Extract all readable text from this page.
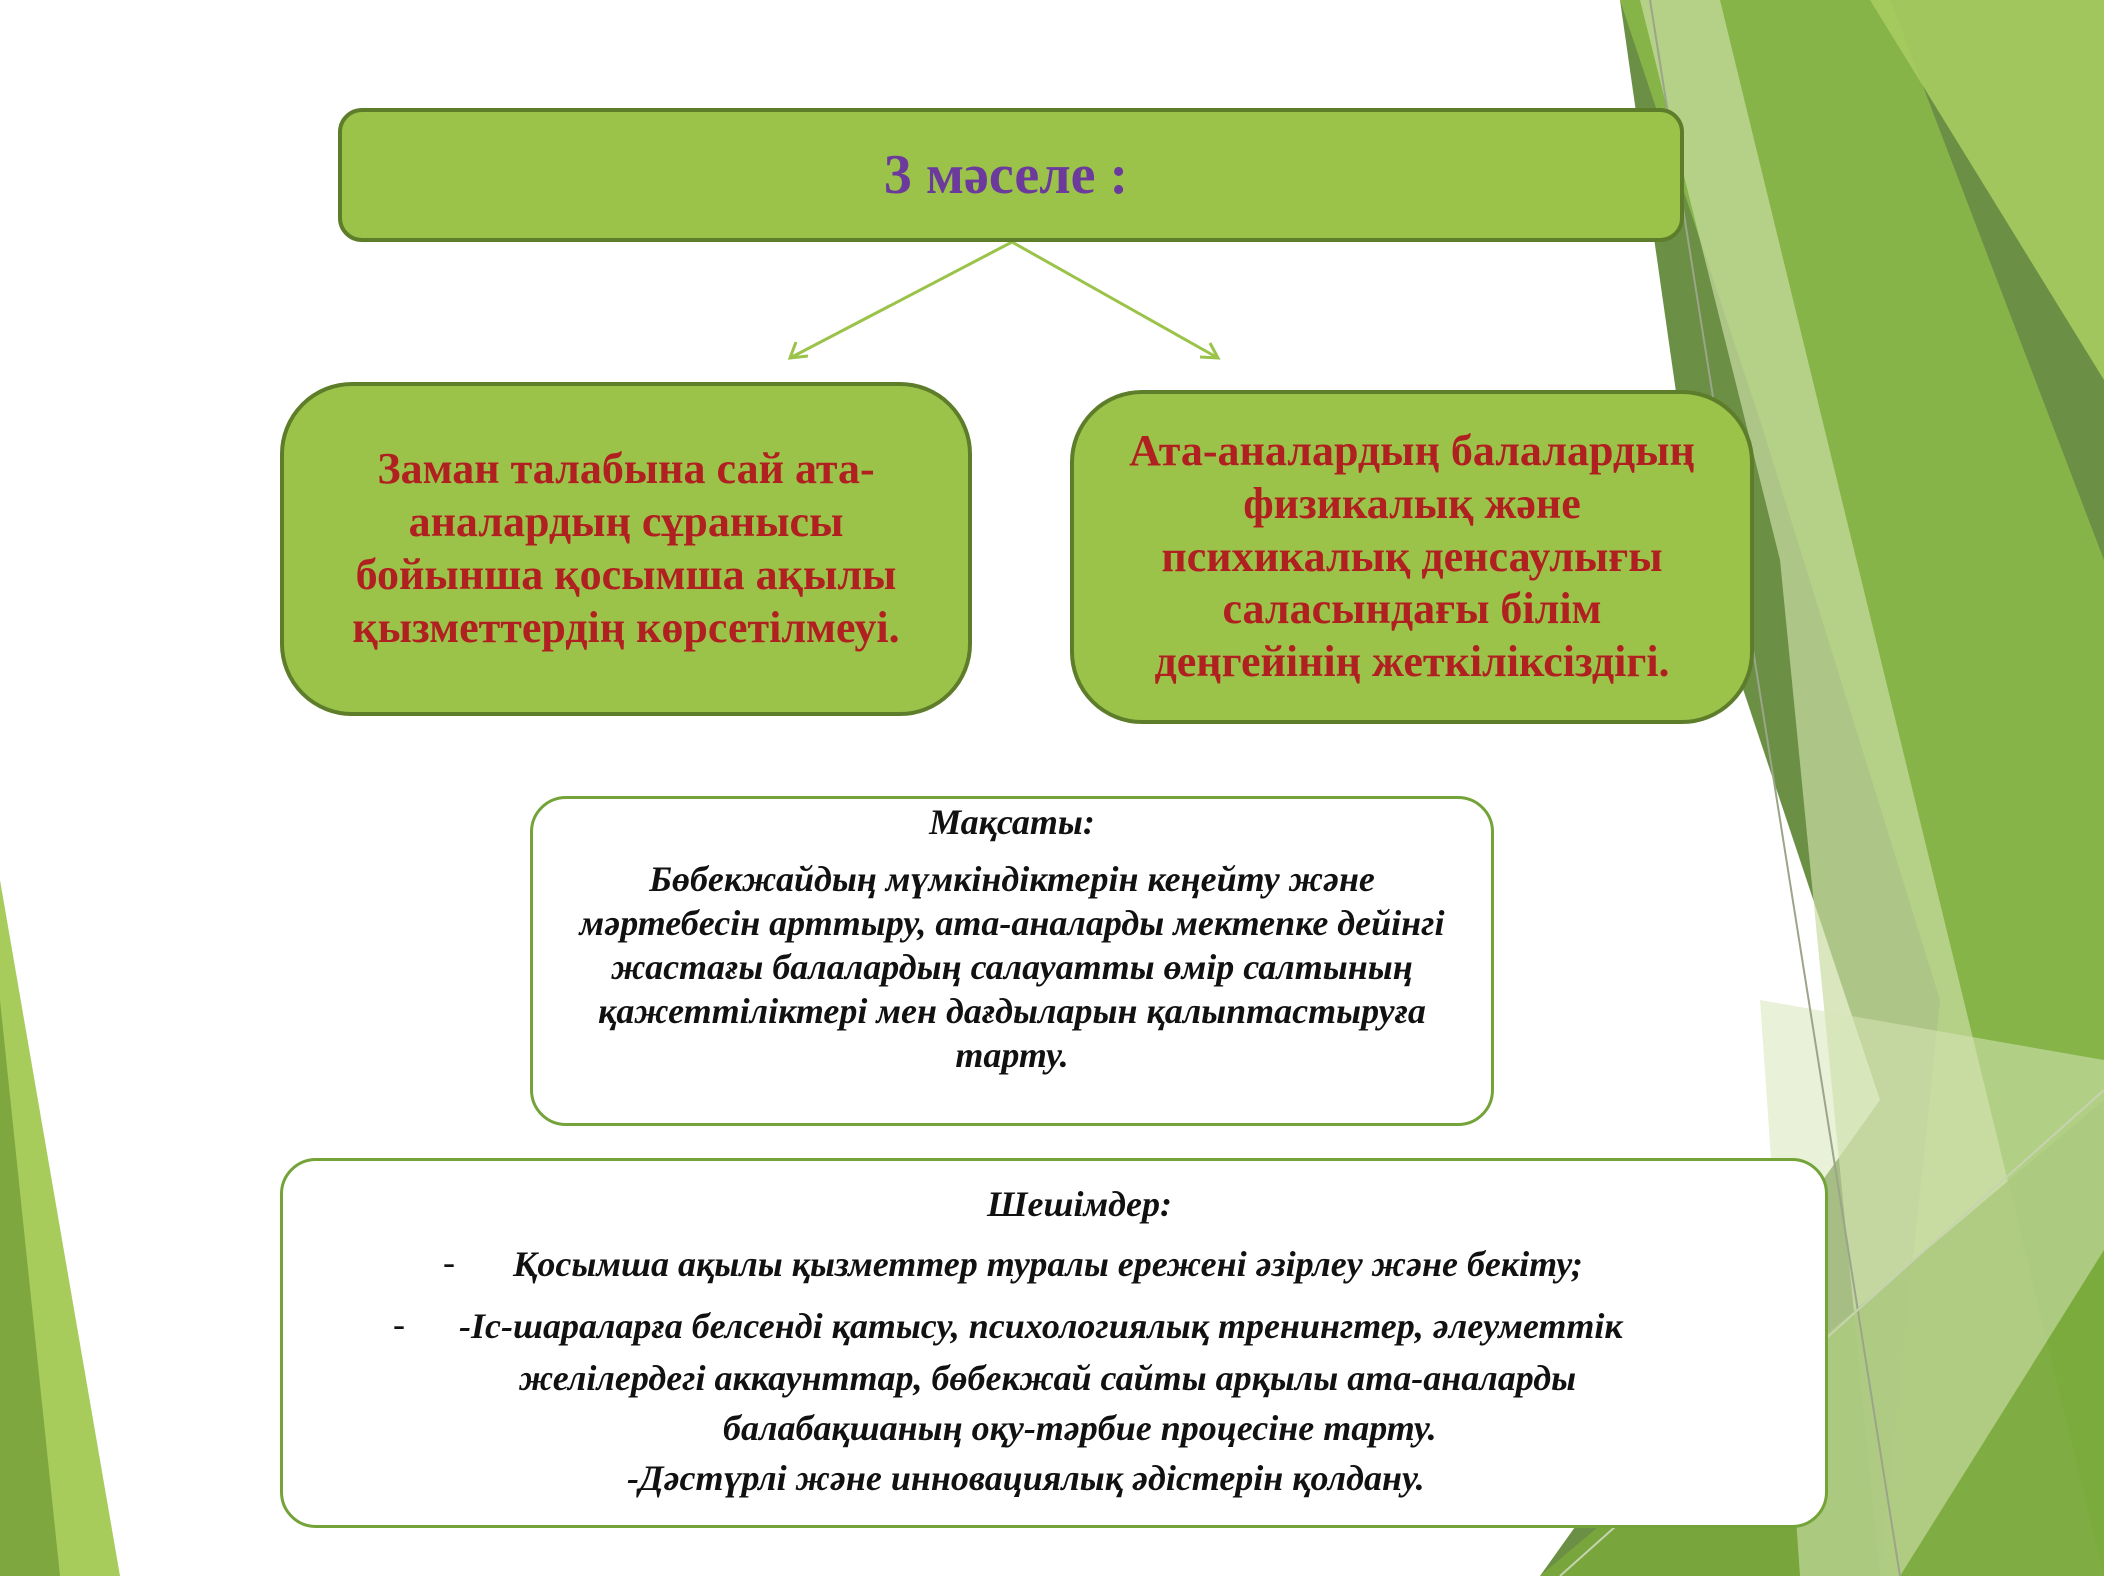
3 мәселе :
Заман талабына сай ата-аналардың сұранысы бойынша қосымша ақылы қызметтердің көрсетілмеуі.
Ата-аналардың балалардың физикалық және психикалық денсаулығы саласындағы білім деңгейінің жеткіліксіздігі.
Мақсаты:
Бөбекжайдың мүмкіндіктерін кеңейту және мәртебесін арттыру, ата-аналарды мектепке дейінгі жастағы балалардың салауатты өмір салтының қажеттіліктері мен дағдыларын қалыптастыруға тарту.
Шешімдер:
- Қосымша ақылы қызметтер туралы ережені әзірлеу және бекіту;
- -Іс-шараларға белсенді қатысу, психологиялық тренингтер, әлеуметтік
желілердегі аккаунттар, бөбекжай сайты арқылы ата-аналарды
балабақшаның оқу-тәрбие процесіне тарту.
-Дәстүрлі және инновациялық әдістерін қолдану.
